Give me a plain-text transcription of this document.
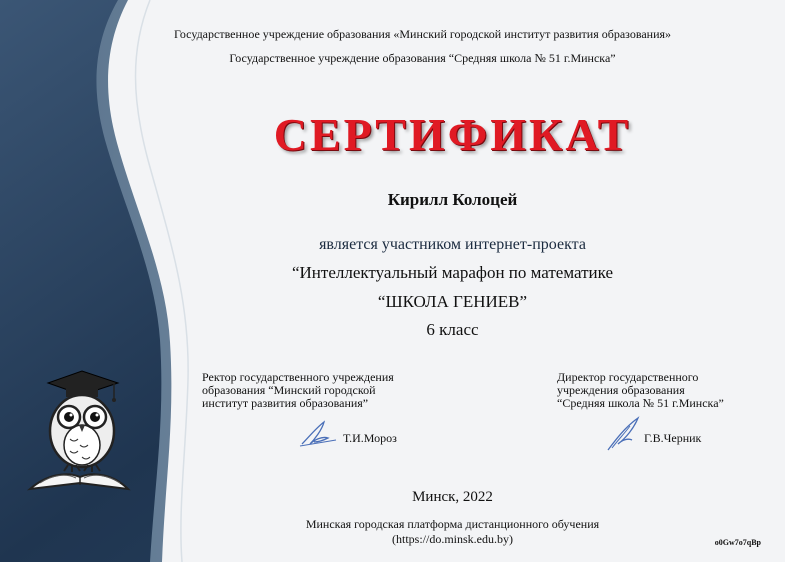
Государственное учреждение образования «Минский городской институт развития образования»
Государственное учреждение образования “Средняя школа № 51 г.Минска”
СЕРТИФИКАТ
Кирилл Колоцей
является участником интернет-проекта
“Интеллектуальный марафон по математике
“ШКОЛА ГЕНИЕВ”
6 класс
Ректор государственного учреждения
образования “Минский городской
институт развития образования”
Директор государственного
учреждения образования
“Средняя школа № 51 г.Минска”
Т.И.Мороз	Г.В.Черник
Минск, 2022
Минская городская платформа дистанционного обучения
(https://do.minsk.edu.by)	o0Gw7o7qBp
